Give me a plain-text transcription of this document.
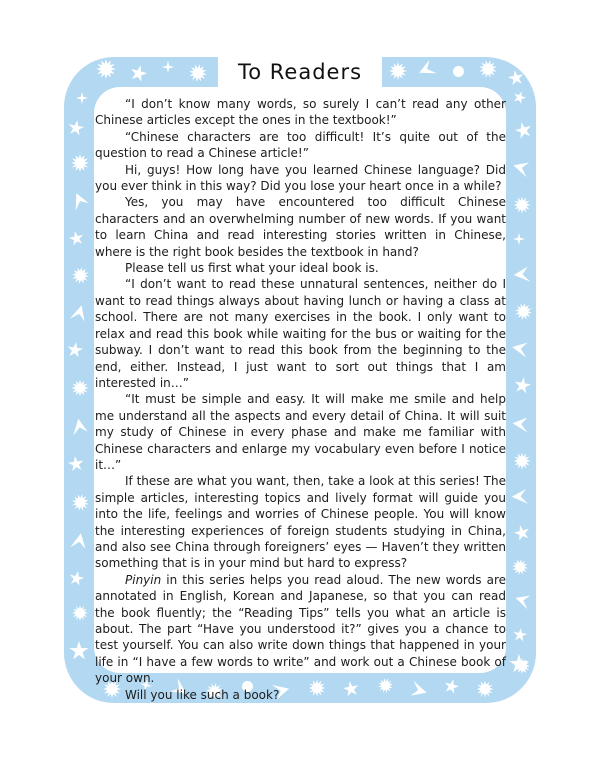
To Readers

“I don’t know many words, so surely I can’t read any other Chinese articles except the ones in the textbook!”

“Chinese characters are too difficult! It’s quite out of the question to read a Chinese article!”

Hi, guys! How long have you learned Chinese language? Did you ever think in this way? Did you lose your heart once in a while?

Yes, you may have encountered too difficult Chinese characters and an overwhelming number of new words. If you want to learn China and read interesting stories written in Chinese, where is the right book besides the textbook in hand?

Please tell us first what your ideal book is.

“I don’t want to read these unnatural sentences, neither do I want to read things always about having lunch or having a class at school. There are not many exercises in the book. I only want to relax and read this book while waiting for the bus or waiting for the subway. I don’t want to read this book from the beginning to the end, either. Instead, I just want to sort out things that I am interested in…”

“It must be simple and easy. It will make me smile and help me understand all the aspects and every detail of China. It will suit my study of Chinese in every phase and make me familiar with Chinese characters and enlarge my vocabulary even before I notice it…”

If these are what you want, then, take a look at this series! The simple articles, interesting topics and lively format will guide you into the life, feelings and worries of Chinese people. You will know the interesting experiences of foreign students studying in China, and also see China through foreigners’ eyes — Haven’t they written something that is in your mind but hard to express?

Pinyin in this series helps you read aloud. The new words are annotated in English, Korean and Japanese, so that you can read the book fluently; the “Reading Tips” tells you what an article is about. The part “Have you understood it?” gives you a chance to test yourself. You can also write down things that happened in your life in “I have a few words to write” and work out a Chinese book of your own.

Will you like such a book?
